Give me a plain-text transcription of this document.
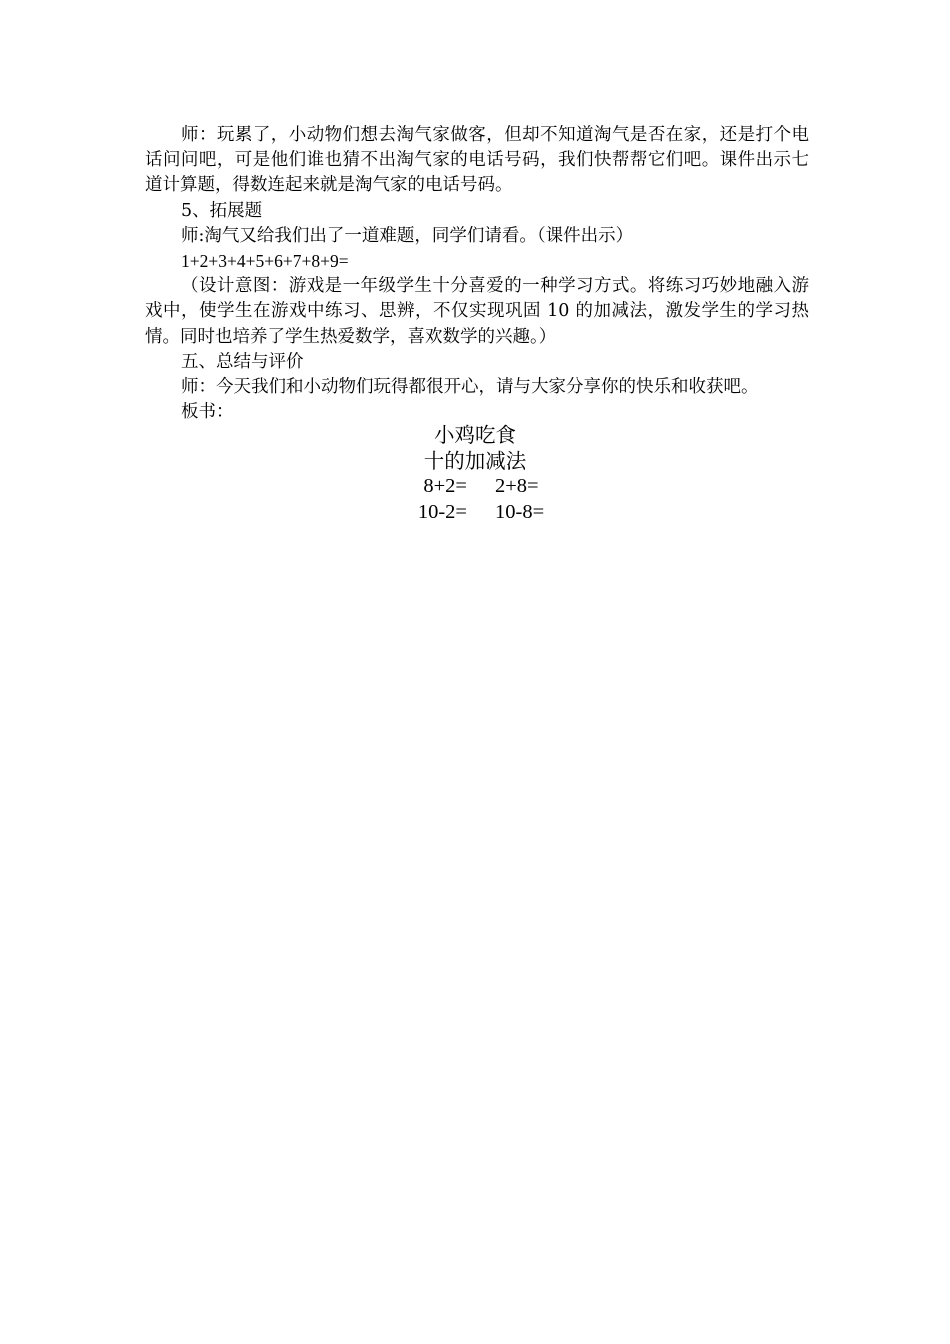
师：玩累了，小动物们想去淘气家做客，但却不知道淘气是否在家，还是打个电话问问吧，可是他们谁也猜不出淘气家的电话号码，我们快帮帮它们吧。课件出示七道计算题，得数连起来就是淘气家的电话号码。

5、拓展题

师:淘气又给我们出了一道难题，同学们请看。（课件出示）

1+2+3+4+5+6+7+8+9=

（设计意图：游戏是一年级学生十分喜爱的一种学习方式。将练习巧妙地融入游戏中，使学生在游戏中练习、思辨，不仅实现巩固 10 的加减法，激发学生的学习热情。同时也培养了学生热爱数学，喜欢数学的兴趣。）

五、总结与评价

师：今天我们和小动物们玩得都很开心，请与大家分享你的快乐和收获吧。

板书：

小鸡吃食

十的加减法

8+2= 2+8=
10-2= 10-8=
